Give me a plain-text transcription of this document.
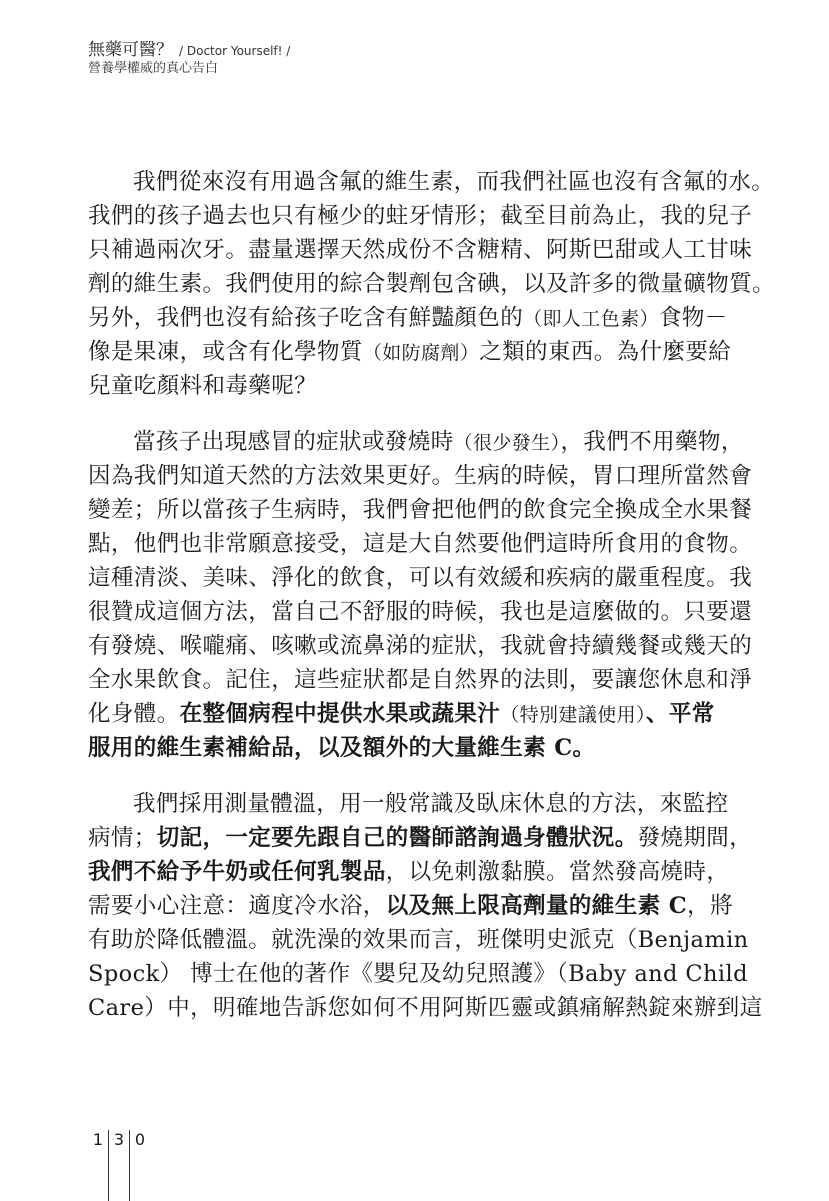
無藥可醫？ / Doctor Yourself! /
營養學權威的真心告白
我們從來沒有用過含氟的維生素，而我們社區也沒有含氟的水。
我們的孩子過去也只有極少的蛀牙情形；截至目前為止，我的兒子
只補過兩次牙。盡量選擇天然成份不含糖精、阿斯巴甜或人工甘味
劑的維生素。我們使用的綜合製劑包含碘，以及許多的微量礦物質。
另外，我們也沒有給孩子吃含有鮮豔顏色的（即人工色素）食物－
像是果凍，或含有化學物質（如防腐劑）之類的東西。為什麼要給
兒童吃顏料和毒藥呢？
當孩子出現感冒的症狀或發燒時（很少發生），我們不用藥物，
因為我們知道天然的方法效果更好。生病的時候，胃口理所當然會
變差；所以當孩子生病時，我們會把他們的飲食完全換成全水果餐
點，他們也非常願意接受，這是大自然要他們這時所食用的食物。
這種清淡、美味、淨化的飲食，可以有效緩和疾病的嚴重程度。我
很贊成這個方法，當自己不舒服的時候，我也是這麼做的。只要還
有發燒、喉嚨痛、咳嗽或流鼻涕的症狀，我就會持續幾餐或幾天的
全水果飲食。記住，這些症狀都是自然界的法則，要讓您休息和淨
化身體。在整個病程中提供水果或蔬果汁（特別建議使用）、平常
服用的維生素補給品，以及額外的大量維生素 C。
我們採用測量體溫，用一般常識及臥床休息的方法，來監控
病情；切記，一定要先跟自己的醫師諮詢過身體狀況。發燒期間，
我們不給予牛奶或任何乳製品，以免刺激黏膜。當然發高燒時，
需要小心注意：適度冷水浴，以及無上限高劑量的維生素 C，將
有助於降低體溫。就洗澡的效果而言，班傑明史派克（Benjamin
Spock） 博士在他的著作《嬰兒及幼兒照護》（Baby and Child
Care）中，明確地告訴您如何不用阿斯匹靈或鎮痛解熱錠來辦到這
1 3 0
